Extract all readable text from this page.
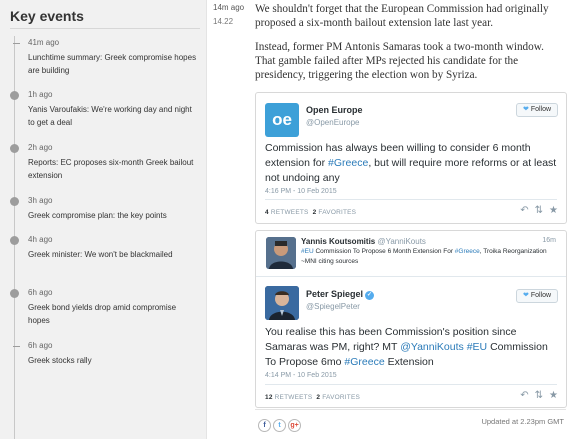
Key events
41m ago
Lunchtime summary: Greek compromise hopes are building
1h ago
Yanis Varoufakis: We're working day and night to get a deal
2h ago
Reports: EC proposes six-month Greek bailout extension
3h ago
Greek compromise plan: the key points
4h ago
Greek minister: We won't be blackmailed
6h ago
Greek bond yields drop amid compromise hopes
6h ago
Greek stocks rally
14m ago
14.22

We shouldn't forget that the European Commission had originally proposed a six-month bailout extension late last year.

Instead, former PM Antonis Samaras took a two-month window. That gamble failed after MPs rejected his candidate for the presidency, triggering the election won by Syriza.

oe	Open Europe
@OpenEurope
❤ Follow
Commission has always been willing to consider 6 month extension for #Greece, but will require more reforms or at least not undoing any
4:16 PM - 10 Feb 2015
4 RETWEETS 2 FAVORITES	↶ ⇅ ★
Yannis Koutsomitis @YanniKouts	16m
#EU Commission To Propose 6 Month Extension For #Greece, Troika Reorganization ~MNI citing sources
Peter Spiegel ✓
@SpiegelPeter
❤ Follow
You realise this has been Commission's position since Samaras was PM, right? MT @YanniKouts #EU Commission To Propose 6mo #Greece Extension
4:14 PM - 10 Feb 2015
12 RETWEETS 2 FAVORITES	↶ ⇅ ★
f t g+	Updated at 2.23pm GMT
